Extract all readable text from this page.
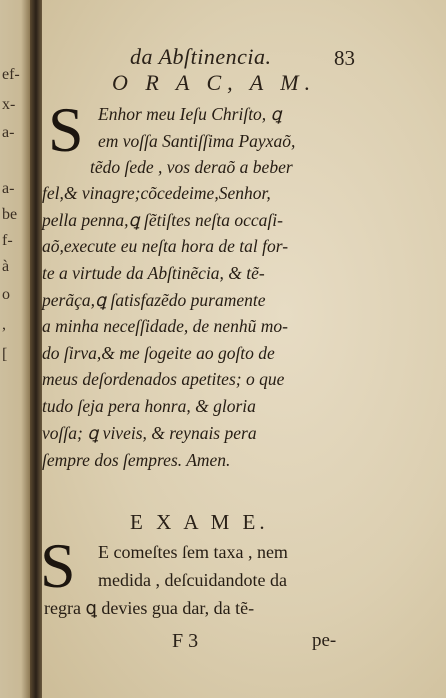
ef-
x-
a-
a-
be
f-
à
o
,
[
da Abſtinencia.	83
O R A C, A M.
S Enhor meu Ieſu Chriſto, ꝗ
em voſſa Santiſſima Payxaõ,
tẽdo ſede , vos deraõ a beber
fel,& vinagre;cõcedeime,Senhor,
pella penna,ꝗ ſẽtiſtes neſta occaſi-
aõ,execute eu neſta hora de tal for-
te a virtude da Abſtinẽcia, & tẽ-
perãça,ꝗ ſatisfazẽdo puramente
a minha neceſſidade, de nenhũ mo-
do ſirva,& me ſogeite ao goſto de
meus deſordenados apetites; o que
tudo ſeja pera honra, & gloria
voſſa; ꝗ viveis, & reynais pera
ſempre dos ſempres. Amen.
E X A M E.
S E comeſtes ſem taxa , nem
medida , deſcuidandote da
regra ꝗ devies gua dar, da tẽ-
F 3	pe-
